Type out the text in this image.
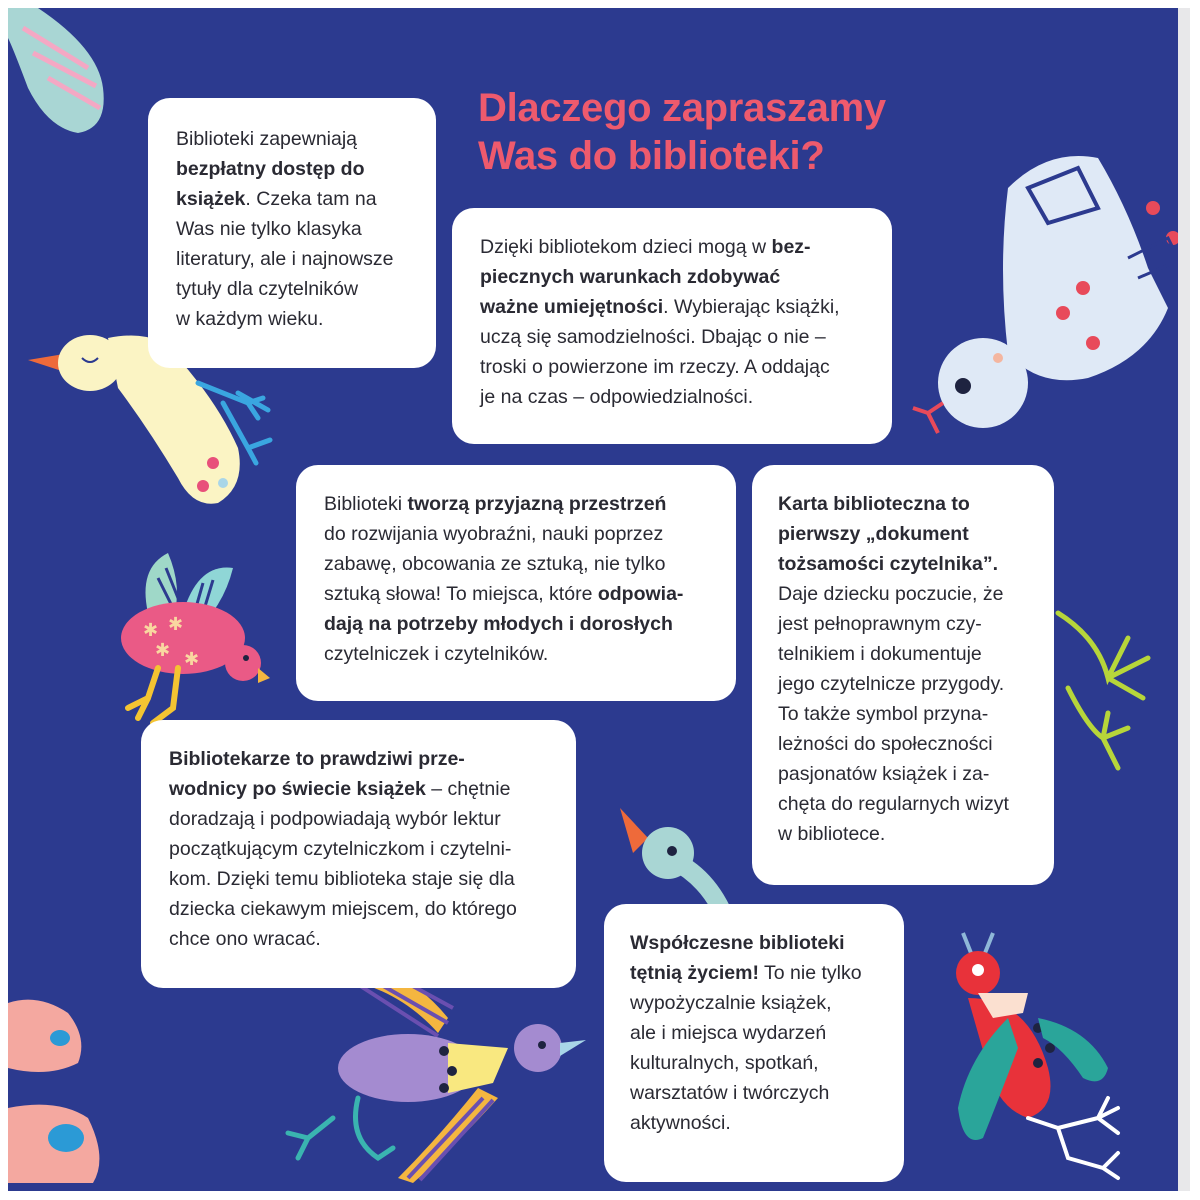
✱ ✱
✱ ✱
Dlaczego zapraszamy
Was do biblioteki?

Biblioteki zapewniają
bezpłatny dostęp do
książek. Czeka tam na
Was nie tylko klasyka
literatury, ale i najnowsze
tytuły dla czytelników
w każdym wieku.

Dzięki bibliotekom dzieci mogą w bez-
piecznych warunkach zdobywać
ważne umiejętności. Wybierając książki,
uczą się samodzielności. Dbając o nie –
troski o powierzone im rzeczy. A oddając
je na czas – odpowiedzialności.

Biblioteki tworzą przyjazną przestrzeń
do rozwijania wyobraźni, nauki poprzez
zabawę, obcowania ze sztuką, nie tylko
sztuką słowa! To miejsca, które odpowia-
dają na potrzeby młodych i dorosłych
czytelniczek i czytelników.

Karta biblioteczna to
pierwszy „dokument
tożsamości czytelnika”.
Daje dziecku poczucie, że
jest pełnoprawnym czy-
telnikiem i dokumentuje
jego czytelnicze przygody.
To także symbol przyna-
leżności do społeczności
pasjonatów książek i za-
chęta do regularnych wizyt
w bibliotece.

Bibliotekarze to prawdziwi prze-
wodnicy po świecie książek – chętnie
doradzają i podpowiadają wybór lektur
początkującym czytelniczkom i czytelni-
kom. Dzięki temu biblioteka staje się dla
dziecka ciekawym miejscem, do którego
chce ono wracać.	Współczesne biblioteki
tętnią życiem! To nie tylko
wypożyczalnie książek,
ale i miejsca wydarzeń
kulturalnych, spotkań,
warsztatów i twórczych
aktywności.
